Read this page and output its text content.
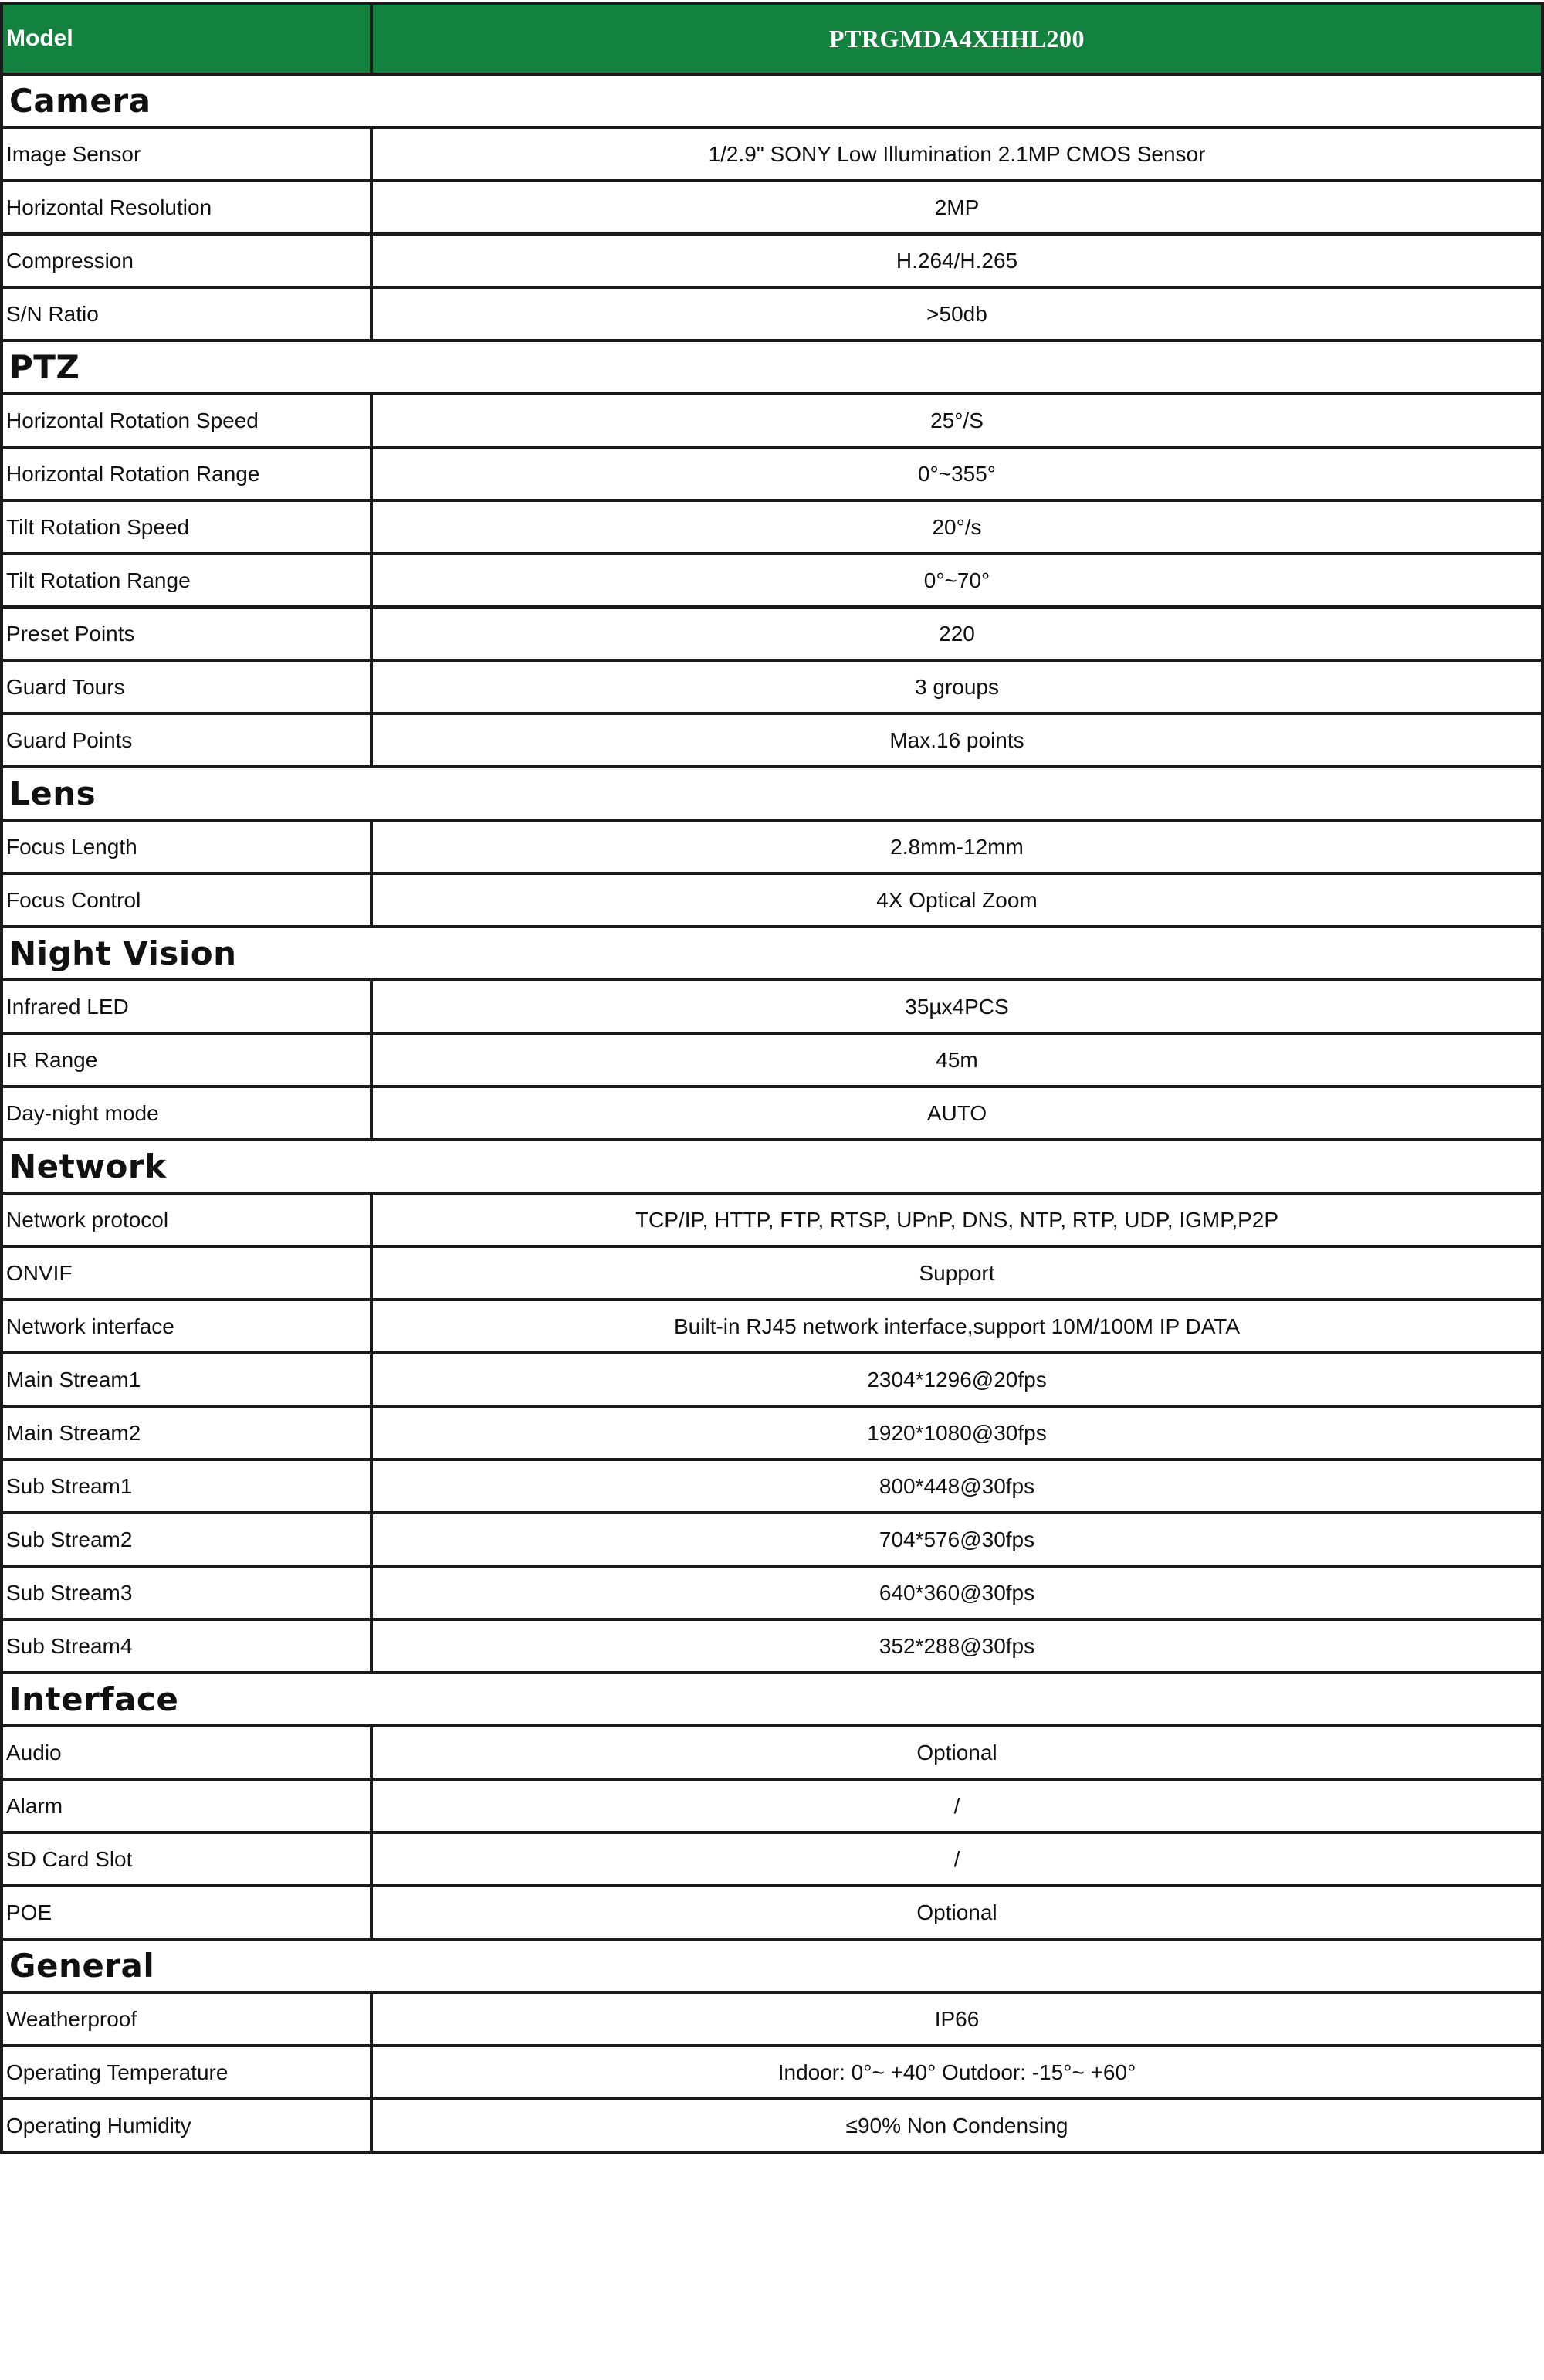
Model	PTRGMDA4XHHL200
Camera	
Image Sensor	1/2.9" SONY Low Illumination 2.1MP CMOS Sensor
Horizontal Resolution	2MP
Compression	H.264/H.265
S/N Ratio	>50db
PTZ	
Horizontal Rotation Speed	25°/S
Horizontal Rotation Range	0°~355°
Tilt Rotation Speed	20°/s
Tilt Rotation Range	0°~70°
Preset Points	220
Guard Tours	3 groups
Guard Points	Max.16 points
Lens	
Focus Length	2.8mm-12mm
Focus Control	4X Optical Zoom
Night Vision	
Infrared LED	35µx4PCS
IR Range	45m
Day-night mode	AUTO
Network	
Network protocol	TCP/IP, HTTP, FTP, RTSP, UPnP, DNS, NTP, RTP, UDP, IGMP,P2P
ONVIF	Support
Network interface	Built-in RJ45 network interface,support 10M/100M IP DATA
Main Stream1	2304*1296@20fps
Main Stream2	1920*1080@30fps
Sub Stream1	800*448@30fps
Sub Stream2	704*576@30fps
Sub Stream3	640*360@30fps
Sub Stream4	352*288@30fps
Interface	
Audio	Optional
Alarm	/
SD Card Slot	/
POE	Optional
General	
Weatherproof	IP66
Operating Temperature	Indoor: 0°~ +40° Outdoor: -15°~ +60°
Operating Humidity	≤90% Non Condensing
